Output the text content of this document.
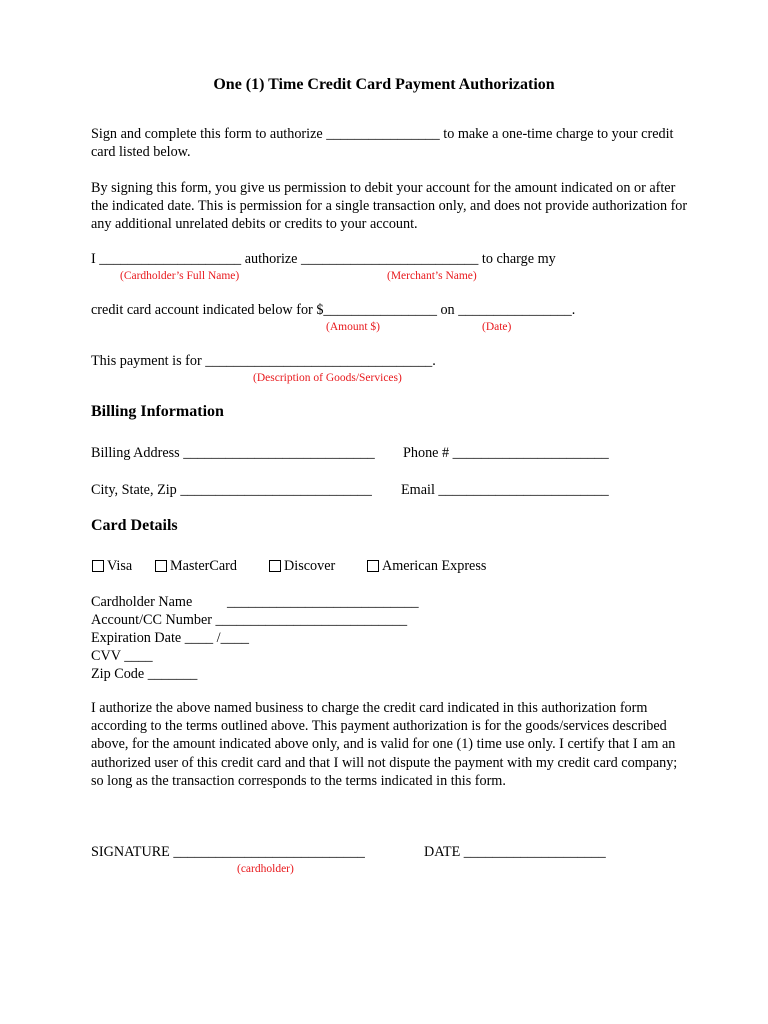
One (1) Time Credit Card Payment Authorization
Sign and complete this form to authorize ________________ to make a one-time charge to your credit card listed below.
By signing this form, you give us permission to debit your account for the amount indicated on or after the indicated date. This is permission for a single transaction only, and does not provide authorization for any additional unrelated debits or credits to your account.
I ____________________ authorize _________________________ to charge my
(Cardholder’s Full Name)	(Merchant’s Name)
credit card account indicated below for $________________ on ________________.
(Amount $)	(Date)
This payment is for ________________________________.
(Description of Goods/Services)
Billing Information
Billing Address ___________________________ Phone # ______________________
City, State, Zip ___________________________ Email ________________________
Card Details
Visa	MasterCard	Discover	American Express
Cardholder Name ___________________________
Account/CC Number ___________________________
Expiration Date ____ /____
CVV ____
Zip Code _______
I authorize the above named business to charge the credit card indicated in this authorization form according to the terms outlined above. This payment authorization is for the goods/services described above, for the amount indicated above only, and is valid for one (1) time use only. I certify that I am an authorized user of this credit card and that I will not dispute the payment with my credit card company; so long as the transaction corresponds to the terms indicated in this form.
SIGNATURE ___________________________
(cardholder)
DATE ____________________
